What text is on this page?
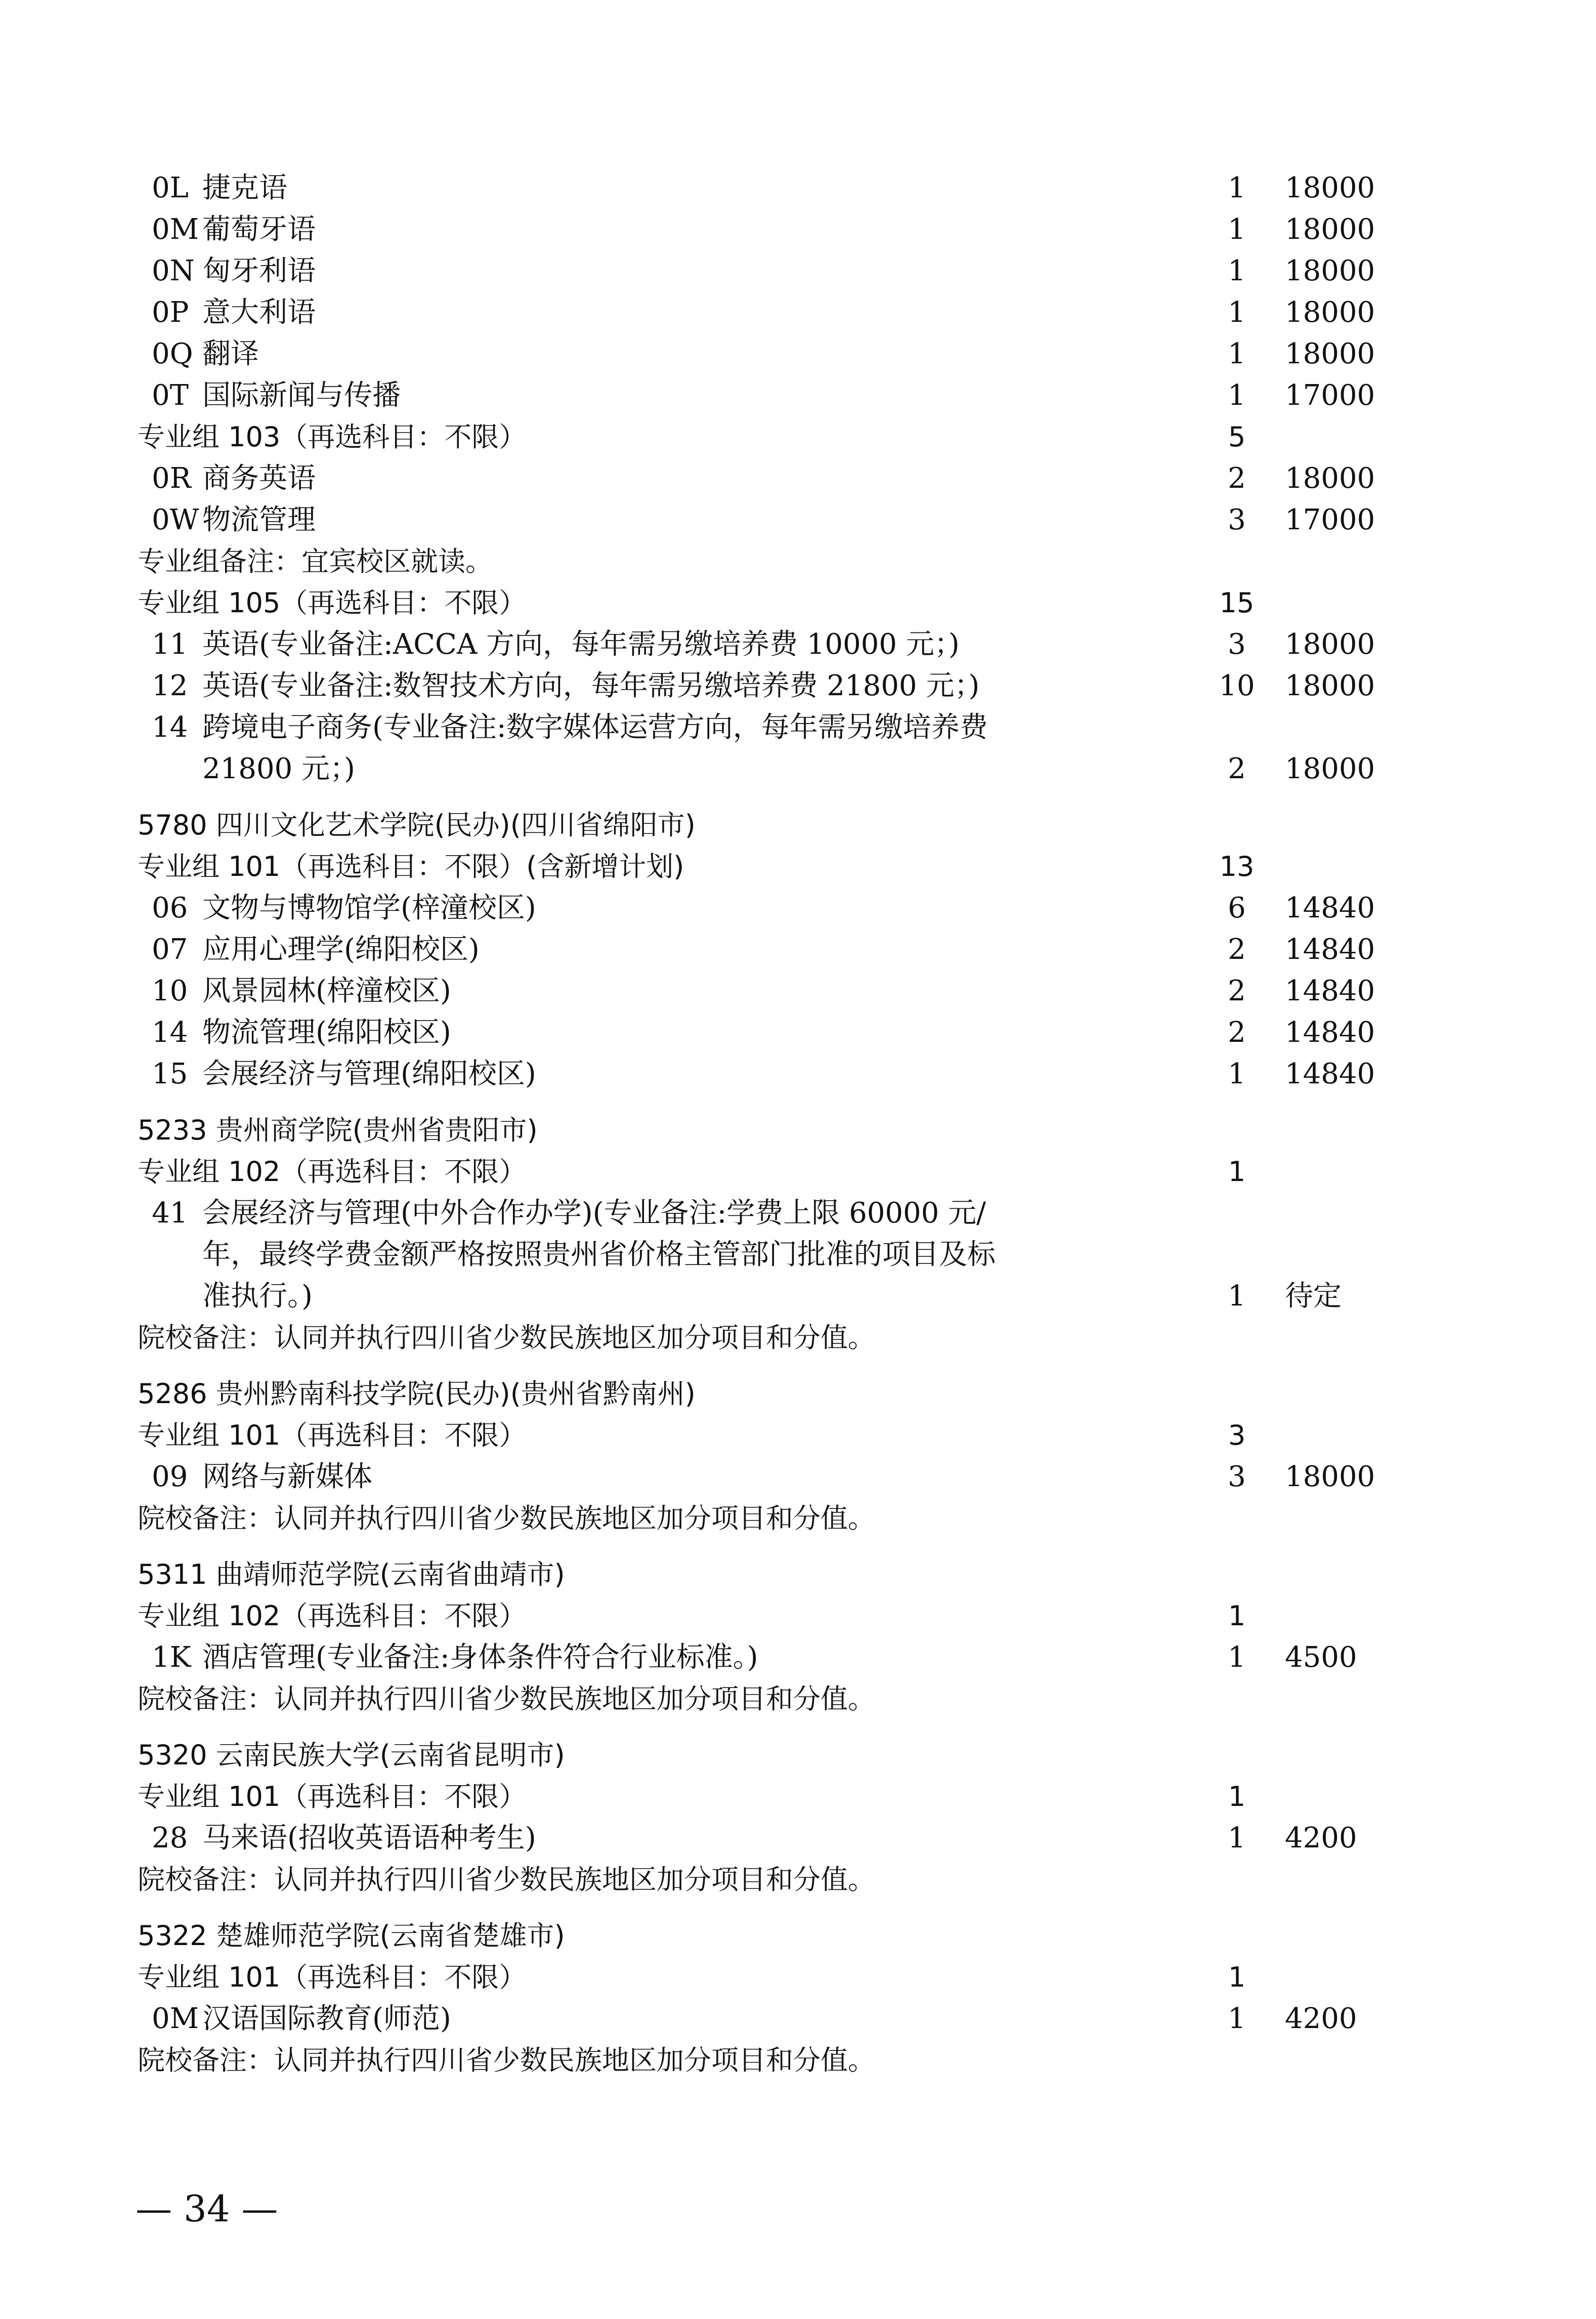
0L 捷克语	1	18000
0M 葡萄牙语	1	18000
0N 匈牙利语	1	18000
0P 意大利语	1	18000
0Q 翻译	1	18000
0T 国际新闻与传播	1	17000
专业组 103（再选科目：不限）	5
0R 商务英语	2	18000
0W 物流管理	3	17000
专业组备注：宜宾校区就读。
专业组 105（再选科目：不限）	15
11 英语(专业备注:ACCA 方向，每年需另缴培养费 10000 元；)	3	18000
12 英语(专业备注:数智技术方向，每年需另缴培养费 21800 元；)	10	18000
14 跨境电子商务(专业备注:数字媒体运营方向，每年需另缴培养费
21800 元；)	2	18000
5780 四川文化艺术学院(民办)(四川省绵阳市)
专业组 101（再选科目：不限）(含新增计划)	13
06 文物与博物馆学(梓潼校区)	6	14840
07 应用心理学(绵阳校区)	2	14840
10 风景园林(梓潼校区)	2	14840
14 物流管理(绵阳校区)	2	14840
15 会展经济与管理(绵阳校区)	1	14840
5233 贵州商学院(贵州省贵阳市)
专业组 102（再选科目：不限）	1
41 会展经济与管理(中外合作办学)(专业备注:学费上限 60000 元/
年，最终学费金额严格按照贵州省价格主管部门批准的项目及标
准执行。)	1	待定
院校备注：认同并执行四川省少数民族地区加分项目和分值。
5286 贵州黔南科技学院(民办)(贵州省黔南州)
专业组 101（再选科目：不限）	3
09 网络与新媒体	3	18000
院校备注：认同并执行四川省少数民族地区加分项目和分值。
5311 曲靖师范学院(云南省曲靖市)
专业组 102（再选科目：不限）	1
1K 酒店管理(专业备注:身体条件符合行业标准。)	1	4500
院校备注：认同并执行四川省少数民族地区加分项目和分值。
5320 云南民族大学(云南省昆明市)
专业组 101（再选科目：不限）	1
28 马来语(招收英语语种考生)	1	4200
院校备注：认同并执行四川省少数民族地区加分项目和分值。
5322 楚雄师范学院(云南省楚雄市)
专业组 101（再选科目：不限）	1
0M 汉语国际教育(师范)	1	4200
院校备注：认同并执行四川省少数民族地区加分项目和分值。
— 34 —
